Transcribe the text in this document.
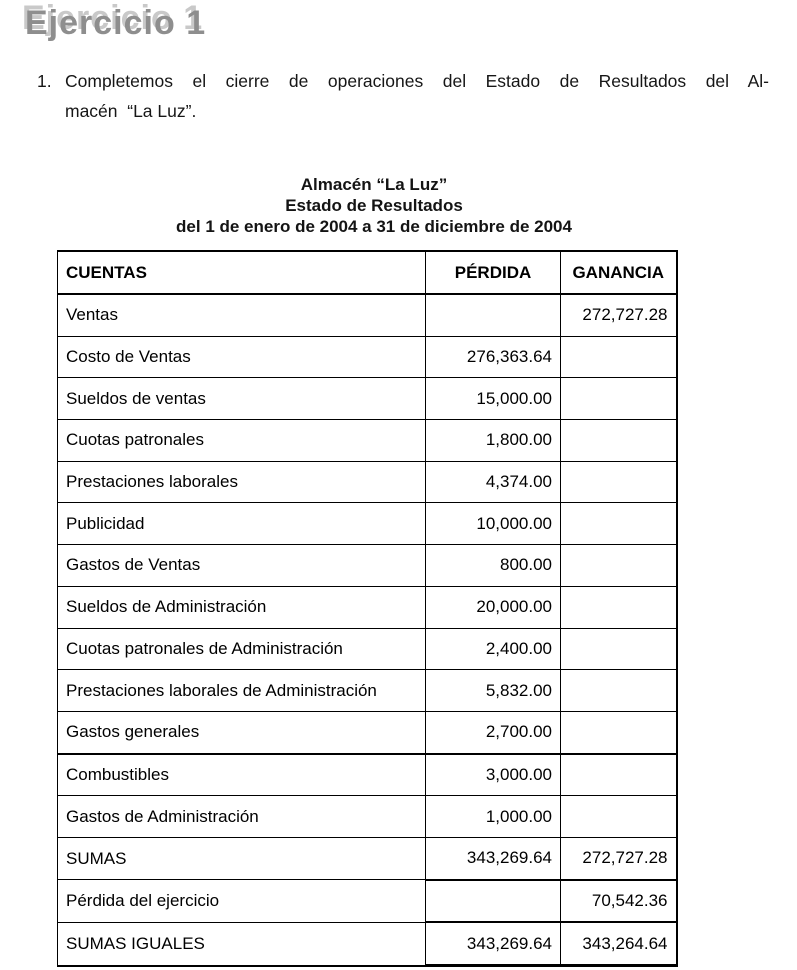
Ejercicio 1
1. Completemos el cierre de operaciones del Estado de Resultados del Al-
macén  “La Luz”.
Almacén “La Luz”
Estado de Resultados
del 1 de enero de 2004 a 31 de diciembre de 2004
CUENTAS	PÉRDIDA	GANANCIA
Ventas		272,727.28
Costo de Ventas	276,363.64	
Sueldos de ventas	15,000.00	
Cuotas patronales	1,800.00	
Prestaciones laborales	4,374.00	
Publicidad	10,000.00	
Gastos de Ventas	800.00	
Sueldos de Administración	20,000.00	
Cuotas patronales de Administración	2,400.00	
Prestaciones laborales de Administración	5,832.00	
Gastos generales	2,700.00	
Combustibles	3,000.00	
Gastos de Administración	1,000.00	
SUMAS	343,269.64	272,727.28
Pérdida del ejercicio		70,542.36
SUMAS IGUALES	343,269.64	343,264.64
